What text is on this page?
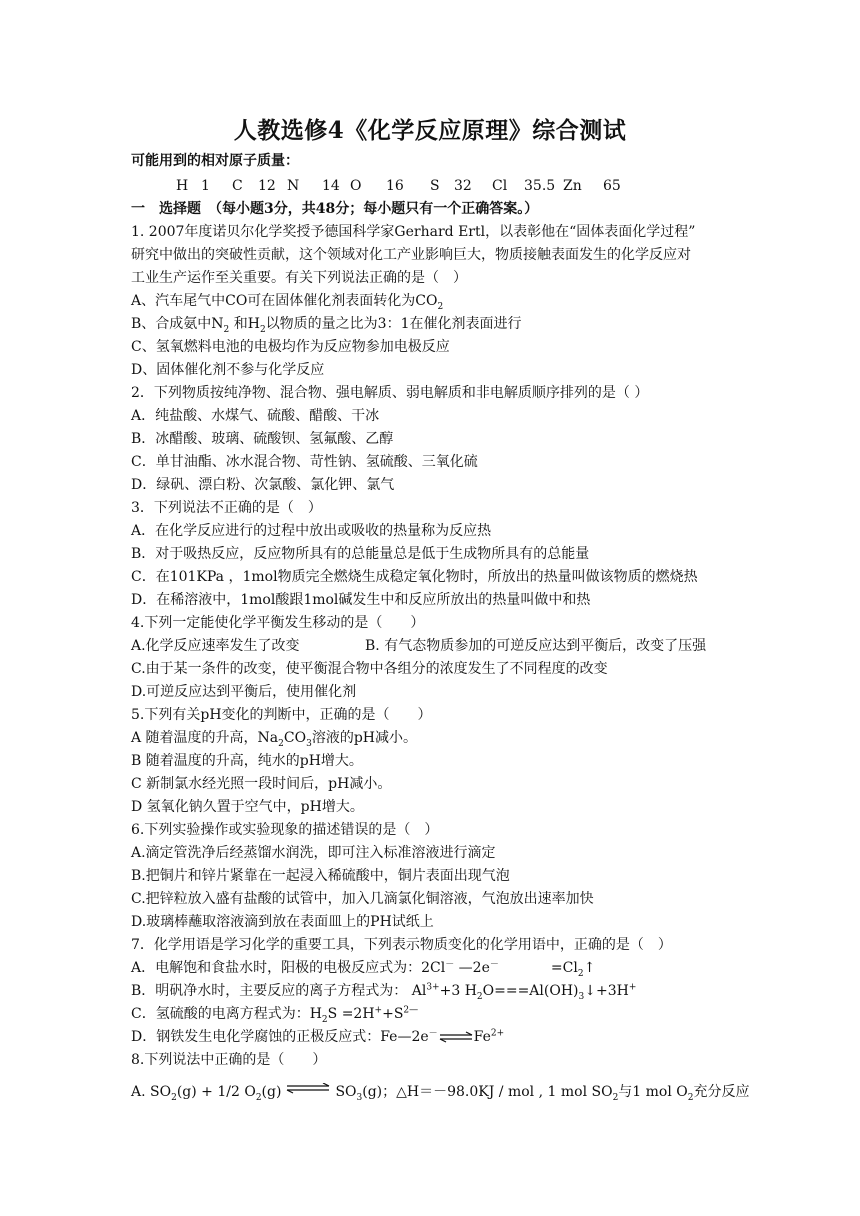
人教选修4《化学反应原理》综合测试
可能用到的相对原子质量：
H 1 C 12 N 14 O 16 S 32 Cl 35.5 Zn 65
一　选择题　（每小题3分，共48分；每小题只有一个正确答案。）
1. 2007年度诺贝尔化学奖授予德国科学家Gerhard Ertl，以表彰他在“固体表面化学过程”
研究中做出的突破性贡献，这个领域对化工产业影响巨大，物质接触表面发生的化学反应对
工业生产运作至关重要。有关下列说法正确的是（　）
A、汽车尾气中CO可在固体催化剂表面转化为$CO_2$
B、合成氨中$N_2$ 和$H_2$以物质的量之比为3：1在催化剂表面进行
C、氢氧燃料电池的电极均作为反应物参加电极反应
D、固体催化剂不参与化学反应
2．下列物质按纯净物、混合物、强电解质、弱电解质和非电解质顺序排列的是（ ）
A．纯盐酸、水煤气、硫酸、醋酸、干冰
B．冰醋酸、玻璃、硫酸钡、氢氟酸、乙醇
C．单甘油酯、冰水混合物、苛性钠、氢硫酸、三氧化硫
D．绿矾、漂白粉、次氯酸、氯化钾、氯气
3．下列说法不正确的是（　）
A．在化学反应进行的过程中放出或吸收的热量称为反应热
B．对于吸热反应，反应物所具有的总能量总是低于生成物所具有的总能量
C．在101KPa ，1mol物质完全燃烧生成稳定氧化物时，所放出的热量叫做该物质的燃烧热
D．在稀溶液中，1mol酸跟1mol碱发生中和反应所放出的热量叫做中和热
4.下列一定能使化学平衡发生移动的是（　　）
A.化学反应速率发生了改变	B. 有气态物质参加的可逆反应达到平衡后，改变了压强
C.由于某一条件的改变，使平衡混合物中各组分的浓度发生了不同程度的改变
D.可逆反应达到平衡后，使用催化剂
5.下列有关pH变化的判断中，正确的是（　　）
A 随着温度的升高，$Na_2CO_3$溶液的pH减小。
B 随着温度的升高，纯水的pH增大。
C 新制氯水经光照一段时间后，pH减小。
D 氢氧化钠久置于空气中，pH增大。
6.下列实验操作或实验现象的描述错误的是（　）
A.滴定管洗净后经蒸馏水润洗，即可注入标准溶液进行滴定
B.把铜片和锌片紧靠在一起浸入稀硫酸中，铜片表面出现气泡
C.把锌粒放入盛有盐酸的试管中，加入几滴氯化铜溶液，气泡放出速率加快
D.玻璃棒蘸取溶液滴到放在表面皿上的PH试纸上
7．化学用语是学习化学的重要工具，下列表示物质变化的化学用语中，正确的是（　）
A．电解饱和食盐水时，阳极的电极反应式为：2Cl－ —2e－	$=Cl_2↑$
B．明矾净水时，主要反应的离子方程式为： $Al^{3+}+3$ $H_2O===Al(OH)_3↓+3H^+$
C．氢硫酸的电离方程式为：$H_2S =2H^++S^{2—}$
D．钢铁发生电化学腐蚀的正极反应式：$Fe—2e^-\rightleftharpoons Fe^{2+}$
8.下列说法中正确的是（　　）
A. $SO_2(g) + 1/2$ $O_2(g)$ ⇌ $SO_3(g)$；△H＝－98.0KJ / mol , 1 mol $SO_2$与1 mol $O_2$充分反应
